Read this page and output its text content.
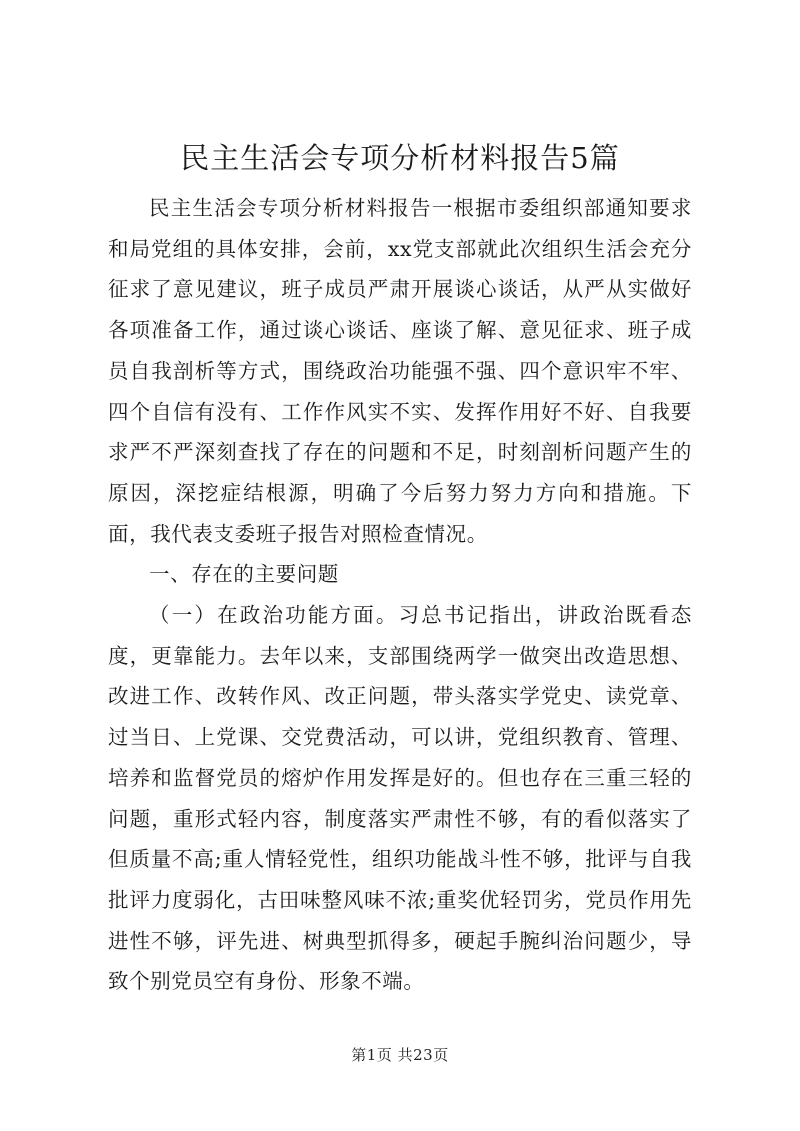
民主生活会专项分析材料报告5篇

民主生活会专项分析材料报告一根据市委组织部通知要求和局党组的具体安排，会前，xx党支部就此次组织生活会充分征求了意见建议，班子成员严肃开展谈心谈话，从严从实做好各项准备工作，通过谈心谈话、座谈了解、意见征求、班子成员自我剖析等方式，围绕政治功能强不强、四个意识牢不牢、四个自信有没有、工作作风实不实、发挥作用好不好、自我要求严不严深刻查找了存在的问题和不足，时刻剖析问题产生的原因，深挖症结根源，明确了今后努力努力方向和措施。下面，我代表支委班子报告对照检查情况。

一、存在的主要问题

（一）在政治功能方面。习总书记指出，讲政治既看态度，更靠能力。去年以来，支部围绕两学一做突出改造思想、改进工作、改转作风、改正问题，带头落实学党史、读党章、过当日、上党课、交党费活动，可以讲，党组织教育、管理、培养和监督党员的熔炉作用发挥是好的。但也存在三重三轻的问题，重形式轻内容，制度落实严肃性不够，有的看似落实了但质量不高;重人情轻党性，组织功能战斗性不够，批评与自我批评力度弱化，古田味整风味不浓;重奖优轻罚劣，党员作用先进性不够，评先进、树典型抓得多，硬起手腕纠治问题少，导致个别党员空有身份、形象不端。

第1页 共23页
